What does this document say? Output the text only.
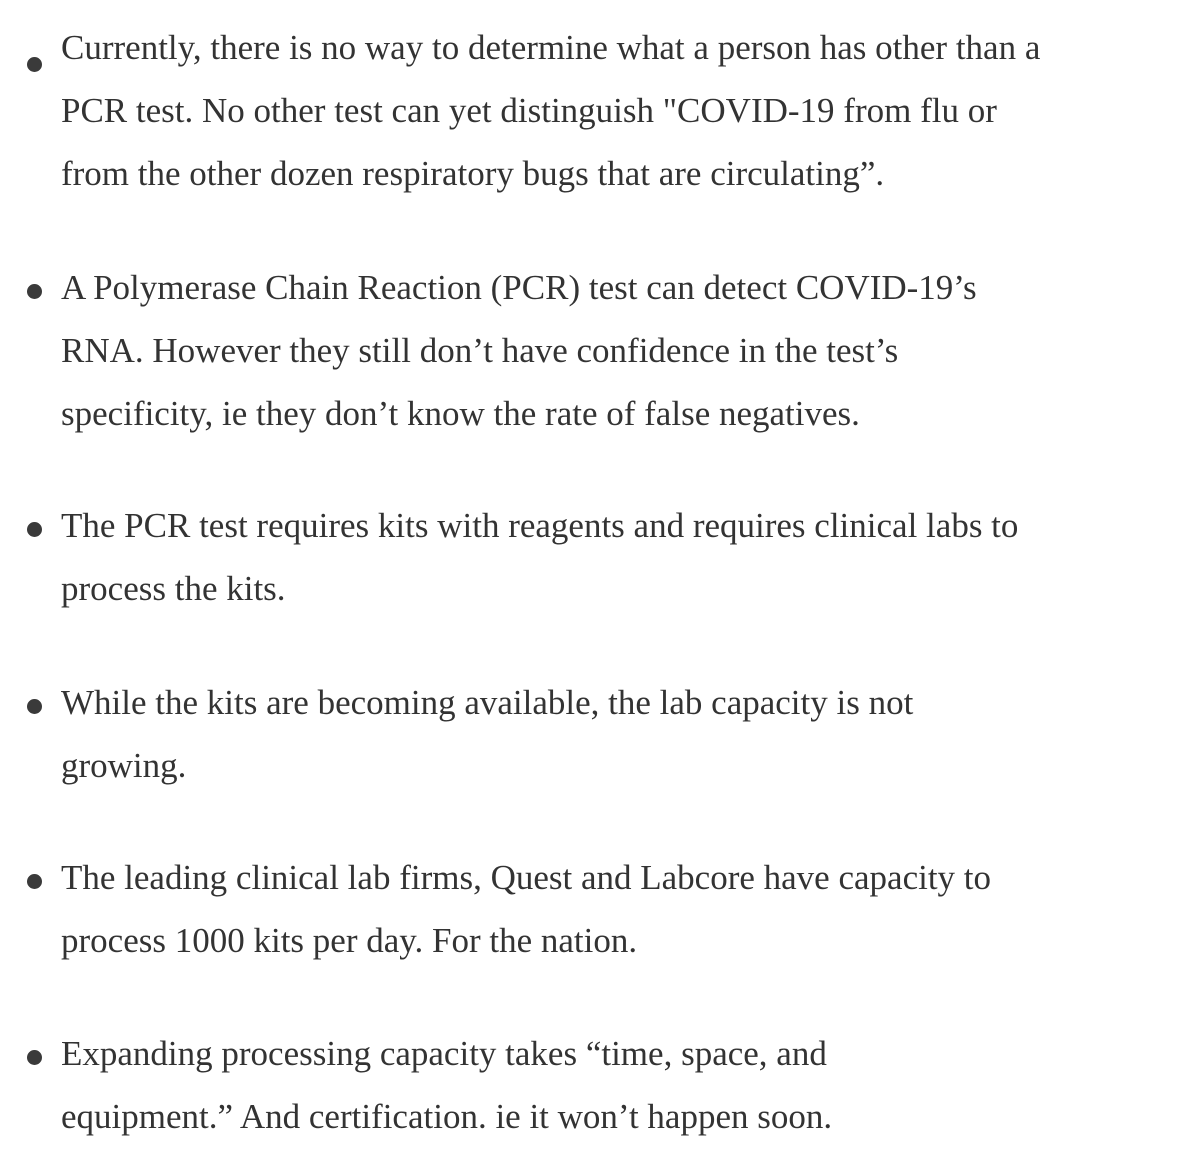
Currently, there is no way to determine what a person has other than a
PCR test. No other test can yet distinguish "COVID-19 from flu or
from the other dozen respiratory bugs that are circulating”.

A Polymerase Chain Reaction (PCR) test can detect COVID-19’s
RNA. However they still don’t have confidence in the test’s
specificity, ie they don’t know the rate of false negatives.

The PCR test requires kits with reagents and requires clinical labs to
process the kits.

While the kits are becoming available, the lab capacity is not
growing.

The leading clinical lab firms, Quest and Labcore have capacity to
process 1000 kits per day. For the nation.

Expanding processing capacity takes “time, space, and
equipment.” And certification. ie it won’t happen soon.
